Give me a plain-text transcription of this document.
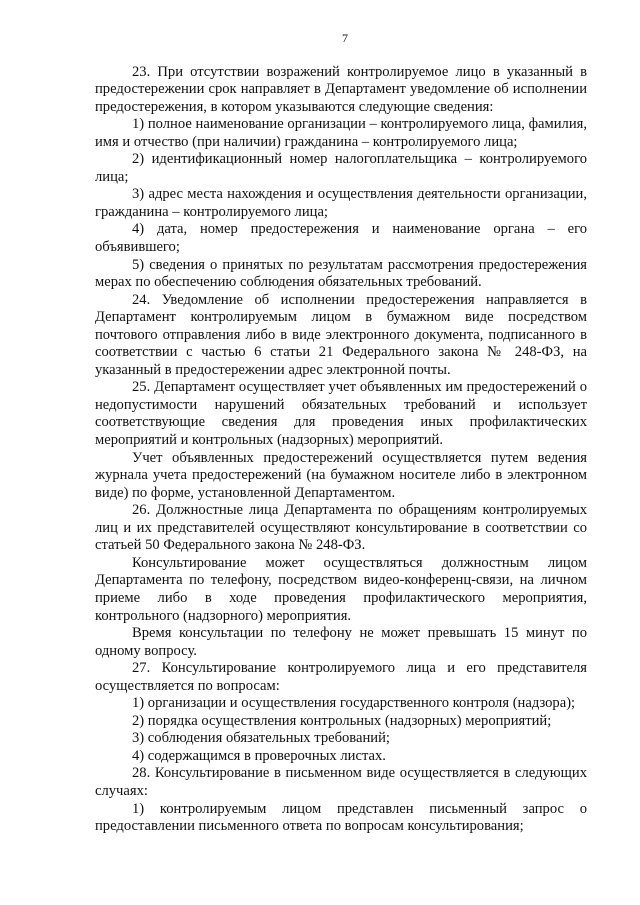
7

23. При отсутствии возражений контролируемое лицо в указанный в предостережении срок направляет в Департамент уведомление об исполнении предостережения, в котором указываются следующие сведения:

1) полное наименование организации – контролируемого лица, фамилия, имя и отчество (при наличии) гражданина – контролируемого лица;

2) идентификационный номер налогоплательщика – контролируемого лица;

3) адрес места нахождения и осуществления деятельности организации, гражданина – контролируемого лица;

4) дата, номер предостережения и наименование органа – его объявившего;

5) сведения о принятых по результатам рассмотрения предостережения мерах по обеспечению соблюдения обязательных требований.

24. Уведомление об исполнении предостережения направляется в Департамент контролируемым лицом в бумажном виде посредством почтового отправления либо в виде электронного документа, подписанного в соответствии с частью 6 статьи 21 Федерального закона № 248-ФЗ, на указанный в предостережении адрес электронной почты.

25. Департамент осуществляет учет объявленных им предостережений о недопустимости нарушений обязательных требований и использует соответствующие сведения для проведения иных профилактических мероприятий и контрольных (надзорных) мероприятий.

Учет объявленных предостережений осуществляется путем ведения журнала учета предостережений (на бумажном носителе либо в электронном виде) по форме, установленной Департаментом.

26. Должностные лица Департамента по обращениям контролируемых лиц и их представителей осуществляют консультирование в соответствии со статьей 50 Федерального закона № 248-ФЗ.

Консультирование может осуществляться должностным лицом Департамента по телефону, посредством видео-конференц-связи, на личном приеме либо в ходе проведения профилактического мероприятия, контрольного (надзорного) мероприятия.

Время консультации по телефону не может превышать 15 минут по одному вопросу.

27. Консультирование контролируемого лица и его представителя осуществляется по вопросам:

1) организации и осуществления государственного контроля (надзора);

2) порядка осуществления контрольных (надзорных) мероприятий;

3) соблюдения обязательных требований;

4) содержащимся в проверочных листах.

28. Консультирование в письменном виде осуществляется в следующих случаях:

1) контролируемым лицом представлен письменный запрос о предоставлении письменного ответа по вопросам консультирования;
